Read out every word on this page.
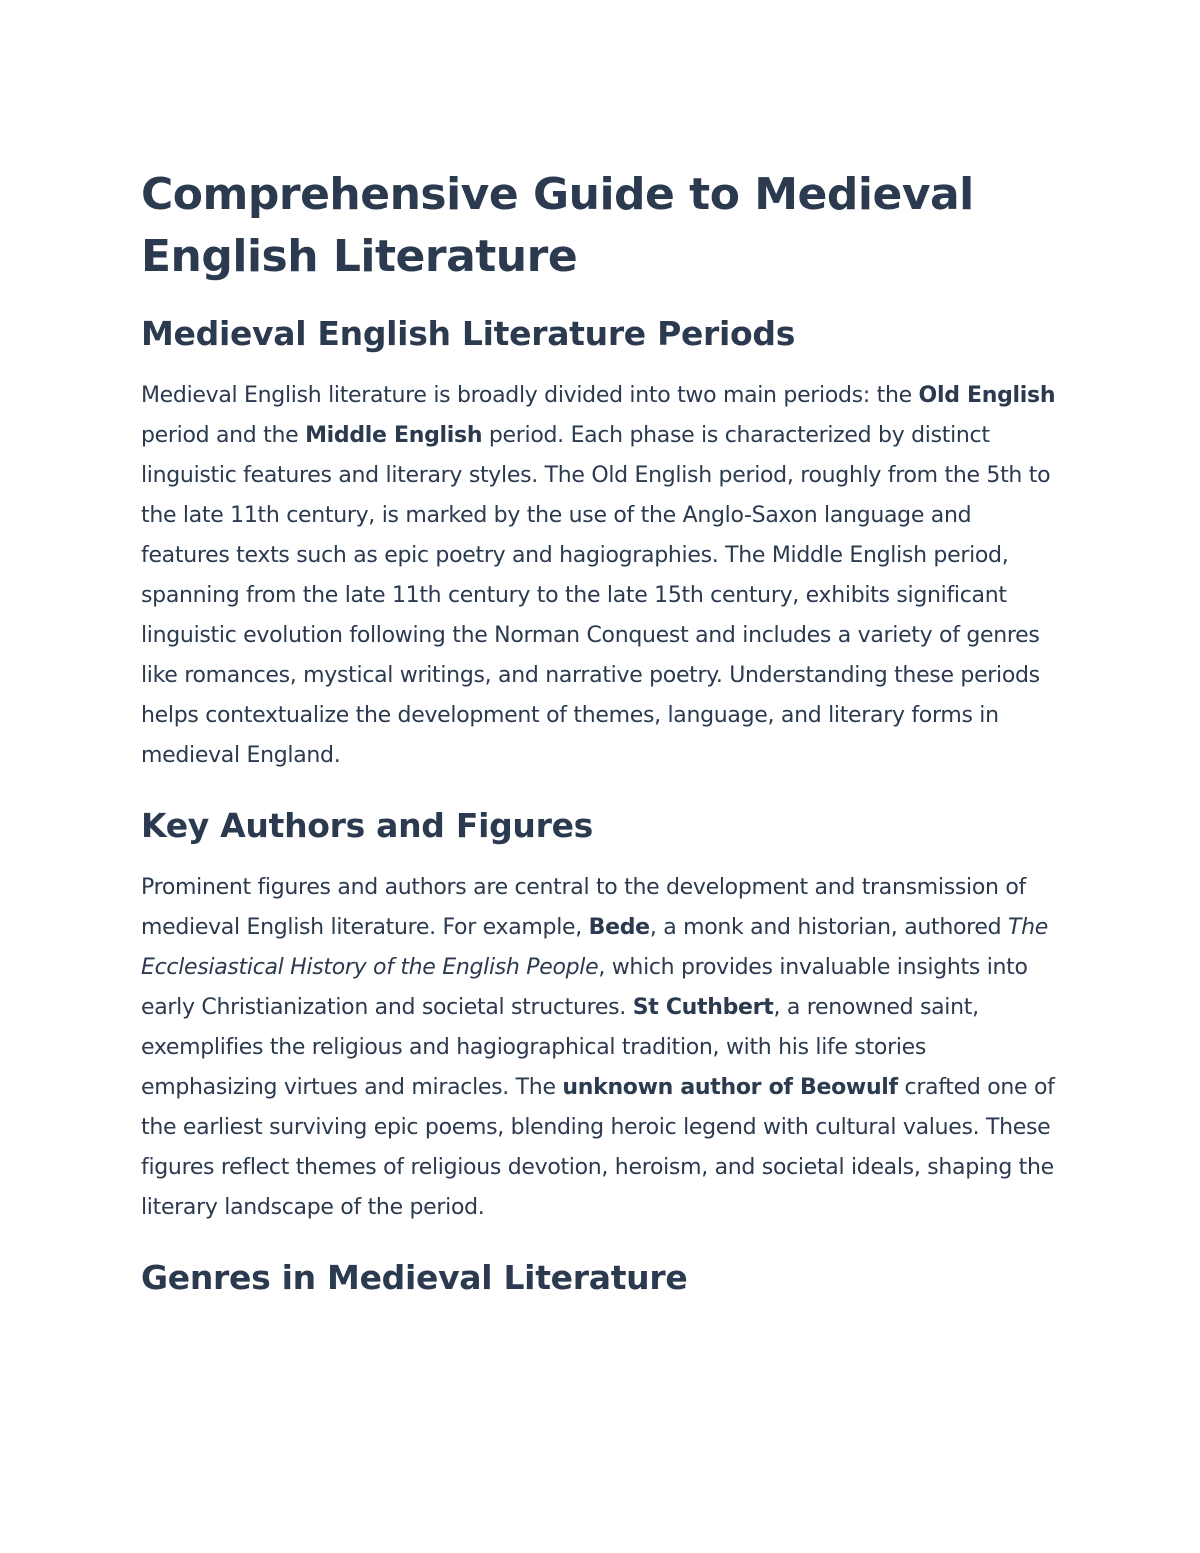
Comprehensive Guide to Medieval English Literature
Medieval English Literature Periods

Medieval English literature is broadly divided into two main periods: the Old English period and the Middle English period. Each phase is characterized by distinct linguistic features and literary styles. The Old English period, roughly from the 5th to the late 11th century, is marked by the use of the Anglo-Saxon language and features texts such as epic poetry and hagiographies. The Middle English period, spanning from the late 11th century to the late 15th century, exhibits significant linguistic evolution following the Norman Conquest and includes a variety of genres like romances, mystical writings, and narrative poetry. Understanding these periods helps contextualize the development of themes, language, and literary forms in medieval England.

Key Authors and Figures

Prominent figures and authors are central to the development and transmission of medieval English literature. For example, Bede, a monk and historian, authored The Ecclesiastical History of the English People, which provides invaluable insights into early Christianization and societal structures. St Cuthbert, a renowned saint, exemplifies the religious and hagiographical tradition, with his life stories emphasizing virtues and miracles. The unknown author of Beowulf crafted one of the earliest surviving epic poems, blending heroic legend with cultural values. These figures reflect themes of religious devotion, heroism, and societal ideals, shaping the literary landscape of the period.

Genres in Medieval Literature
